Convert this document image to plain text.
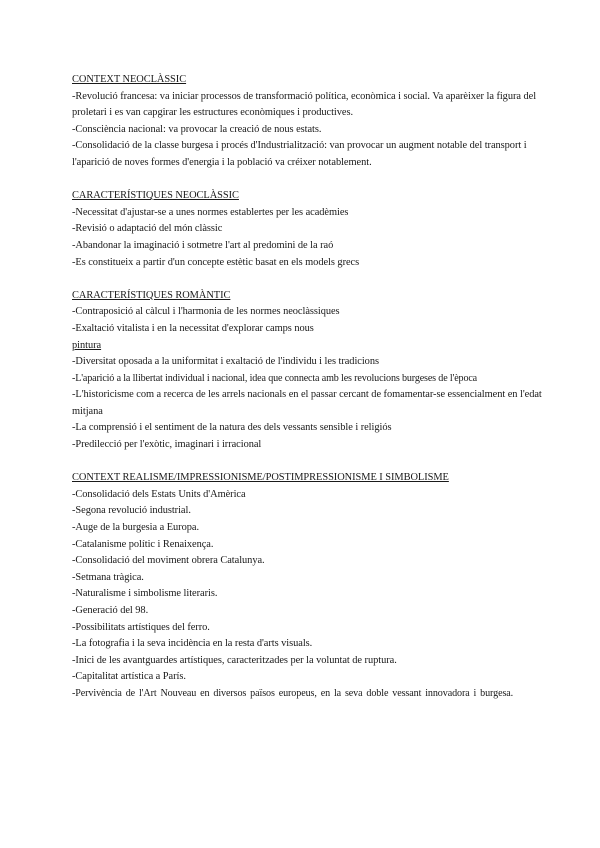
CONTEXT NEOCLÀSSIC
-Revolució francesa: va iniciar processos de transformació política, econòmica i social. Va aparèixer la figura del proletari i es van capgirar les estructures econòmiques i productives.
-Consciència nacional: va provocar la creació de nous estats.
-Consolidació de la classe burgesa i procés d'Industrialització: van provocar un augment notable del transport i l'aparició de noves formes d'energia i la població va créixer notablement.
CARACTERÍSTIQUES NEOCLÀSSIC
-Necessitat d'ajustar-se a unes normes establertes per les acadèmies
-Revisió o adaptació del món clàssic
-Abandonar la imaginació i sotmetre l'art al predomini de la raó
-Es constitueix a partir d'un concepte estètic basat en els models grecs
CARACTERÍSTIQUES ROMÀNTIC
-Contraposició al càlcul i l'harmonia de les normes neoclàssiques
-Exaltació vitalista i en la necessitat d'explorar camps nous
pintura
-Diversitat oposada a la uniformitat i exaltació de l'individu i les tradicions
-L'aparició a la llibertat individual i nacional, idea que connecta amb les revolucions burgeses de l'època
-L'historicisme com a recerca de les arrels nacionals en el passar cercant de fomamentar-se essencialment en l'edat mitjana
-La comprensió i el sentiment de la natura des dels vessants sensible i religiós
-Predilecció per l'exòtic, imaginari i irracional
CONTEXT REALISME/IMPRESSIONISME/POSTIMPRESSIONISME I SIMBOLISME
-Consolidació dels Estats Units d'Amèrica
-Segona revolució industrial.
-Auge de la burgesia a Europa.
-Catalanisme polític i Renaixença.
-Consolidació del moviment obrera Catalunya.
-Setmana tràgica.
-Naturalisme i simbolisme literaris.
-Generació del 98.
-Possibilitats artístiques del ferro.
-La fotografia i la seva incidència en la resta d'arts visuals.
-Inici de les avantguardes artístiques, caracteritzades per la voluntat de ruptura.
-Capitalitat artística a París.
-Pervivència de l'Art Nouveau en diversos països europeus, en la seva doble vessant innovadora i burgesa.
